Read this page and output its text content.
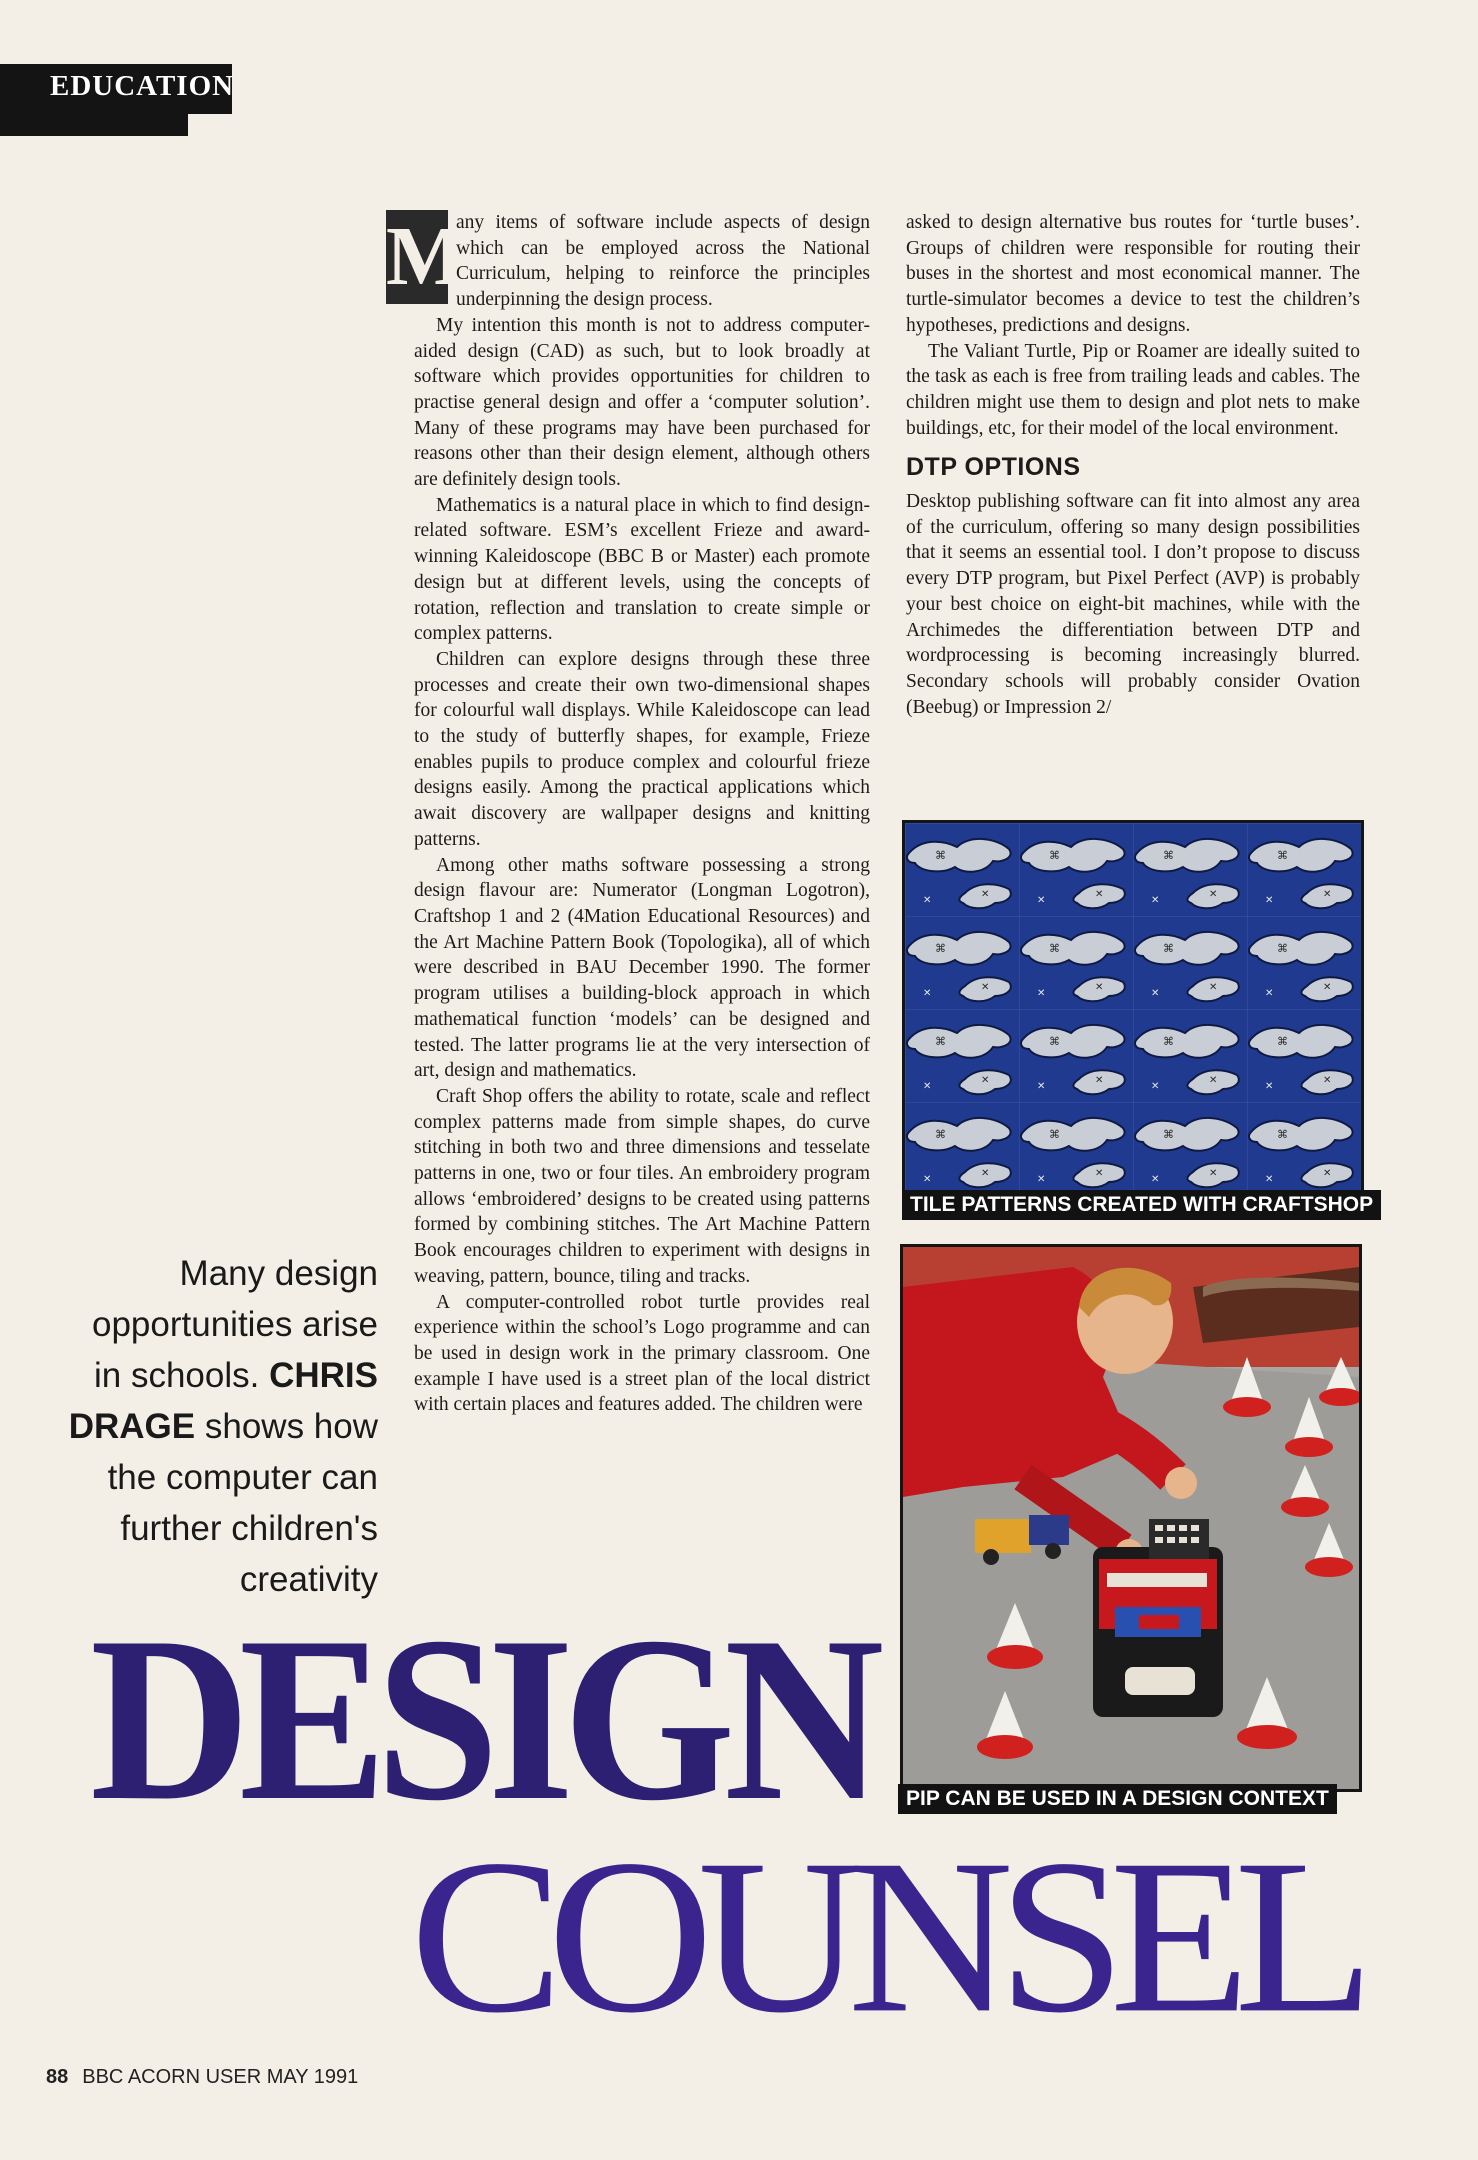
EDUCATION

M
any items of software include aspects of design which can be employed across the National Curriculum, helping to reinforce the principles underpinning the design process.

My intention this month is not to address computer-aided design (CAD) as such, but to look broadly at software which provides opportunities for children to practise general design and offer a ‘computer solution’. Many of these programs may have been purchased for reasons other than their design element, although others are definitely design tools.

Mathematics is a natural place in which to find design-related software. ESM’s excellent Frieze and award-winning Kaleidoscope (BBC B or Master) each promote design but at different levels, using the concepts of rotation, reflection and translation to create simple or complex patterns.

Children can explore designs through these three processes and create their own two-dimensional shapes for colourful wall displays. While Kaleidoscope can lead to the study of butterfly shapes, for example, Frieze enables pupils to produce complex and colourful frieze designs easily. Among the practical applications which await discovery are wallpaper designs and knitting patterns.

Among other maths software possessing a strong design flavour are: Numerator (Longman Logotron), Craftshop 1 and 2 (4Mation Educational Resources) and the Art Machine Pattern Book (Topologika), all of which were described in BAU December 1990. The former program utilises a building-block approach in which mathematical function ‘models’ can be designed and tested. The latter programs lie at the very intersection of art, design and mathematics.

Craft Shop offers the ability to rotate, scale and reflect complex patterns made from simple shapes, do curve stitching in both two and three dimensions and tesselate patterns in one, two or four tiles. An embroidery program allows ‘embroidered’ designs to be created using patterns formed by combining stitches. The Art Machine Pattern Book encourages children to experiment with designs in weaving, pattern, bounce, tiling and tracks.

A computer-controlled robot turtle provides real experience within the school’s Logo programme and can be used in design work in the primary classroom. One example I have used is a street plan of the local district with certain places and features added. The children were

asked to design alternative bus routes for ‘turtle buses’. Groups of children were responsible for routing their buses in the shortest and most economical manner. The turtle-simulator becomes a device to test the children’s hypotheses, predictions and designs.

The Valiant Turtle, Pip or Roamer are ideally suited to the task as each is free from trailing leads and cables. The children might use them to design and plot nets to make buildings, etc, for their model of the local environment.

DTP OPTIONS

Desktop publishing software can fit into almost any area of the curriculum, offering so many design possibilities that it seems an essential tool. I don’t propose to discuss every DTP program, but Pixel Perfect (AVP) is probably your best choice on eight-bit machines, while with the Archimedes the differentiation between DTP and wordprocessing is becoming increasingly blurred. Secondary schools will probably consider Ovation (Beebug) or Impression 2/

TILE PATTERNS CREATED WITH CRAFTSHOP
PIP CAN BE USED IN A DESIGN CONTEXT
Many design
opportunities arise
in schools. CHRIS
DRAGE shows how
the computer can
further children's
creativity
DESIGN
COUNSEL
88 BBC ACORN USER MAY 1991
